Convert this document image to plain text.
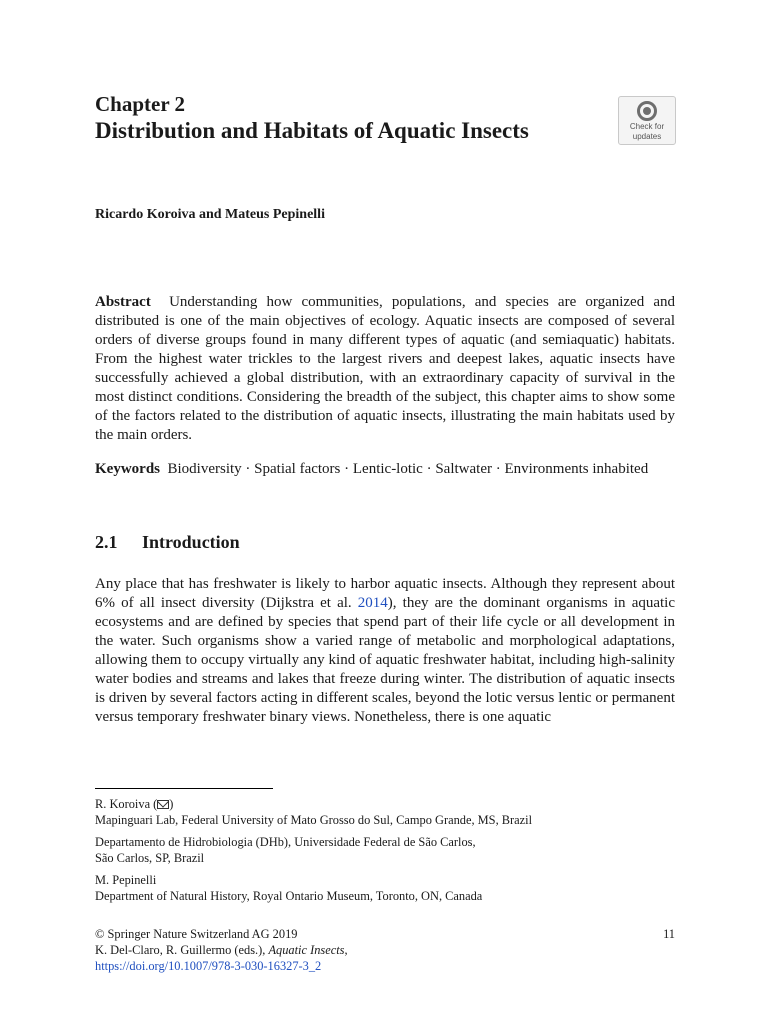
Chapter 2
Distribution and Habitats of Aquatic Insects	Check for
updates
Ricardo Koroiva and Mateus Pepinelli
Abstract Understanding how communities, populations, and species are organized and distributed is one of the main objectives of ecology. Aquatic insects are composed of several orders of diverse groups found in many different types of aquatic (and semiaquatic) habitats. From the highest water trickles to the largest rivers and deepest lakes, aquatic insects have successfully achieved a global distribution, with an extraordinary capacity of survival in the most distinct conditions. Considering the breadth of the subject, this chapter aims to show some of the factors related to the distribution of aquatic insects, illustrating the main habitats used by the main orders.
Keywords Biodiversity · Spatial factors · Lentic-lotic · Saltwater · Environments inhabited
2.1 Introduction
Any place that has freshwater is likely to harbor aquatic insects. Although they represent about 6% of all insect diversity (Dijkstra et al. 2014), they are the dominant organisms in aquatic ecosystems and are defined by species that spend part of their life cycle or all development in the water. Such organisms show a varied range of metabolic and morphological adaptations, allowing them to occupy virtually any kind of aquatic freshwater habitat, including high-salinity water bodies and streams and lakes that freeze during winter. The distribution of aquatic insects is driven by several factors acting in different scales, beyond the lotic versus lentic or permanent versus temporary freshwater binary views. Nonetheless, there is one aquatic
R. Koroiva ( )
Mapinguari Lab, Federal University of Mato Grosso do Sul, Campo Grande, MS, Brazil
Departamento de Hidrobiologia (DHb), Universidade Federal de São Carlos,
São Carlos, SP, Brazil
M. Pepinelli
Department of Natural History, Royal Ontario Museum, Toronto, ON, Canada
© Springer Nature Switzerland AG 2019
K. Del-Claro, R. Guillermo (eds.), Aquatic Insects,
https://doi.org/10.1007/978-3-030-16327-3_2
11
